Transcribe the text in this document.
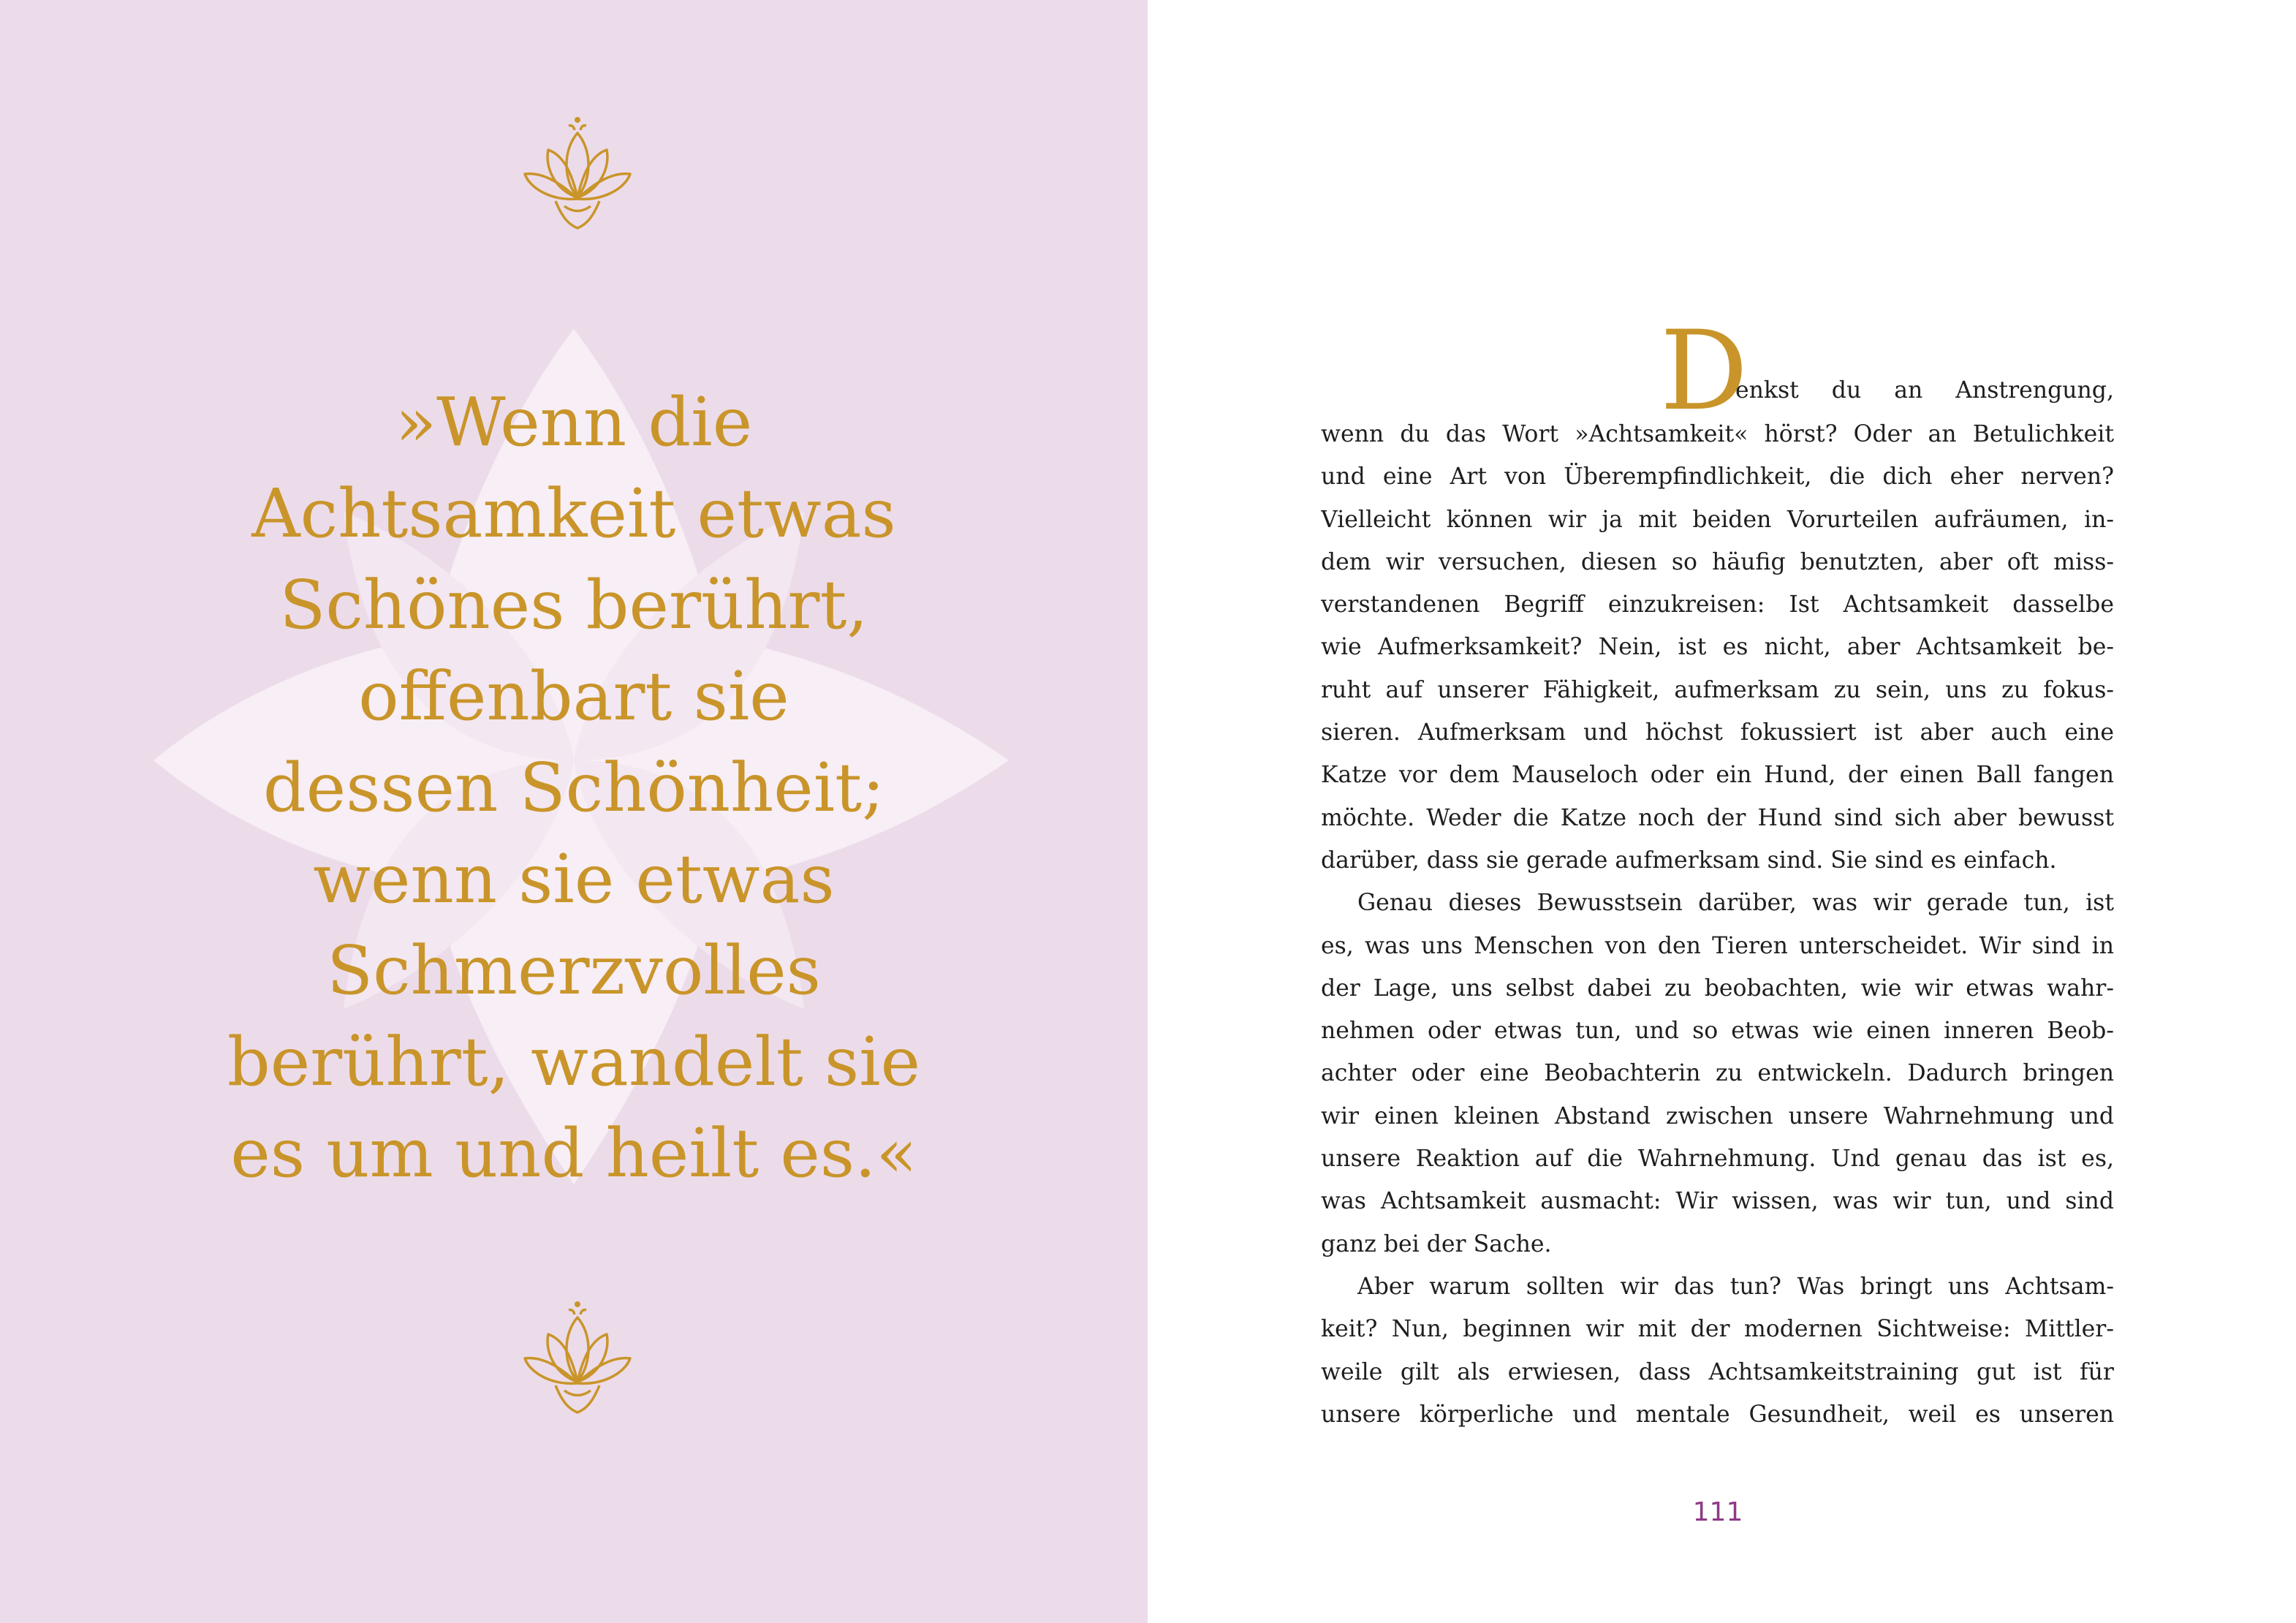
»Wenn die
Achtsamkeit etwas
Schönes berührt,
offenbart sie
dessen Schönheit;
wenn sie etwas
Schmerzvolles
berührt, wandelt sie
es um und heilt es.«
D
enkst du an Anstrengung,
wenn du das Wort »Achtsamkeit« hörst? Oder an Betulichkeit
und eine Art von Überempfindlichkeit, die dich eher nerven?
Vielleicht können wir ja mit beiden Vorurteilen aufräumen, in-
dem wir versuchen, diesen so häufig benutzten, aber oft miss-
verstandenen Begriff einzukreisen: Ist Achtsamkeit dasselbe
wie Aufmerksamkeit? Nein, ist es nicht, aber Achtsamkeit be-
ruht auf unserer Fähigkeit, aufmerksam zu sein, uns zu fokus-
sieren. Aufmerksam und höchst fokussiert ist aber auch eine
Katze vor dem Mauseloch oder ein Hund, der einen Ball fangen
möchte. Weder die Katze noch der Hund sind sich aber bewusst
darüber, dass sie gerade aufmerksam sind. Sie sind es einfach.
Genau dieses Bewusstsein darüber, was wir gerade tun, ist
es, was uns Menschen von den Tieren unterscheidet. Wir sind in
der Lage, uns selbst dabei zu beobachten, wie wir etwas wahr-
nehmen oder etwas tun, und so etwas wie einen inneren Beob-
achter oder eine Beobachterin zu entwickeln. Dadurch bringen
wir einen kleinen Abstand zwischen unsere Wahrnehmung und
unsere Reaktion auf die Wahrnehmung. Und genau das ist es,
was Achtsamkeit ausmacht: Wir wissen, was wir tun, und sind
ganz bei der Sache.
Aber warum sollten wir das tun? Was bringt uns Achtsam-
keit? Nun, beginnen wir mit der modernen Sichtweise: Mittler-
weile gilt als erwiesen, dass Achtsamkeitstraining gut ist für
unsere körperliche und mentale Gesundheit, weil es unseren
111
